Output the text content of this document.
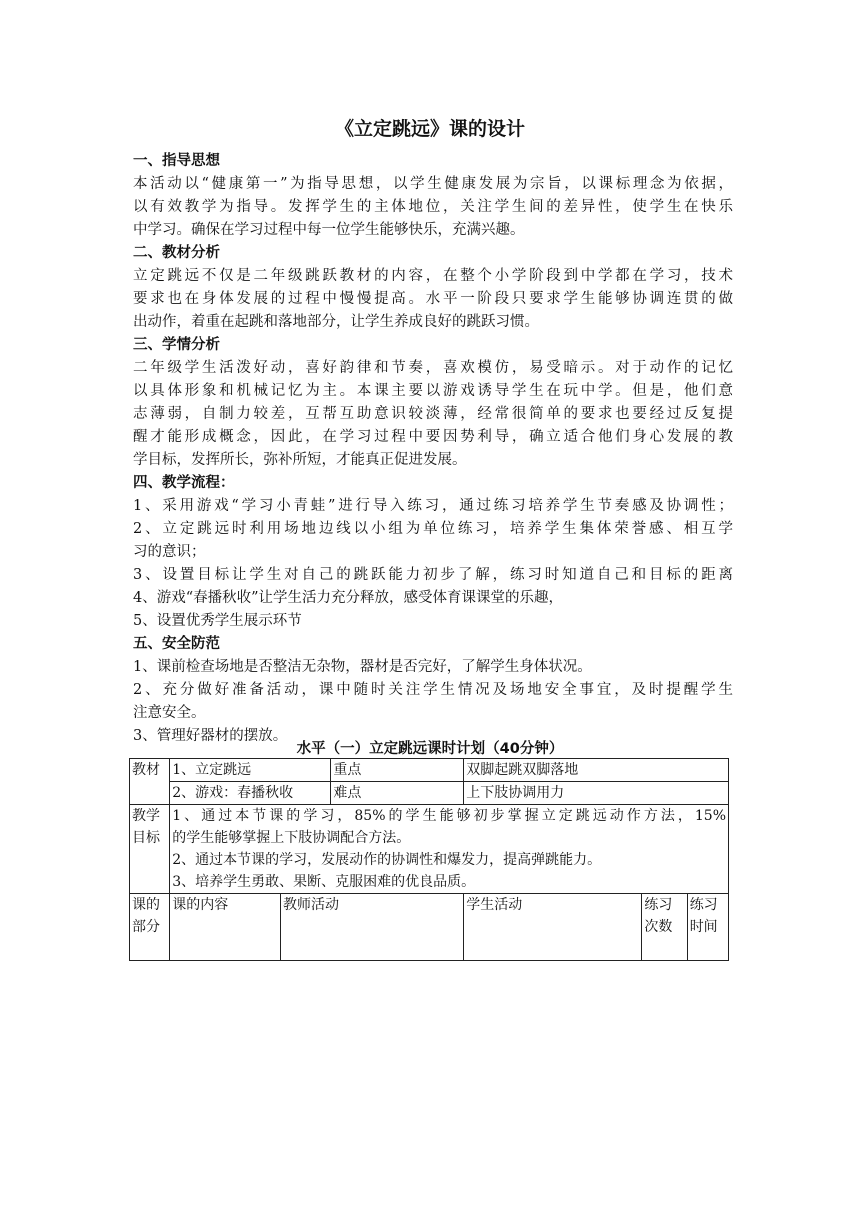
《立定跳远》课的设计
一、指导思想
本活动以“健康第一”为指导思想，以学生健康发展为宗旨，以课标理念为依据，
以有效教学为指导。发挥学生的主体地位，关注学生间的差异性，使学生在快乐
中学习。确保在学习过程中每一位学生能够快乐，充满兴趣。
二、教材分析
立定跳远不仅是二年级跳跃教材的内容，在整个小学阶段到中学都在学习，技术
要求也在身体发展的过程中慢慢提高。水平一阶段只要求学生能够协调连贯的做
出动作，着重在起跳和落地部分，让学生养成良好的跳跃习惯。
三、学情分析
二年级学生活泼好动，喜好韵律和节奏，喜欢模仿，易受暗示。对于动作的记忆
以具体形象和机械记忆为主。本课主要以游戏诱导学生在玩中学。但是，他们意
志薄弱，自制力较差，互帮互助意识较淡薄，经常很简单的要求也要经过反复提
醒才能形成概念，因此，在学习过程中要因势利导，确立适合他们身心发展的教
学目标，发挥所长，弥补所短，才能真正促进发展。
四、教学流程：
1、采用游戏“学习小青蛙”进行导入练习，通过练习培养学生节奏感及协调性；
2、立定跳远时利用场地边线以小组为单位练习，培养学生集体荣誉感、相互学
习的意识；
3、设置目标让学生对自己的跳跃能力初步了解，练习时知道自己和目标的距离
4、游戏“春播秋收”让学生活力充分释放，感受体育课课堂的乐趣，
5、设置优秀学生展示环节
五、安全防范
1、课前检查场地是否整洁无杂物，器材是否完好，了解学生身体状况。
2、充分做好准备活动，课中随时关注学生情况及场地安全事宜，及时提醒学生
注意安全。
3、管理好器材的摆放。
水平（一）立定跳远课时计划（40分钟）
教材	1、立定跳远		重点	双脚起跳双脚落地		
	2、游戏：春播秋收		难点	上下肢协调用力		
教学目标	1、通过本节课的学习，85%的学生能够初步掌握立定跳远动作方法，15%
的学生能够掌握上下肢协调配合方法。
2、通过本节课的学习，发展动作的协调性和爆发力，提高弹跳能力。
3、培养学生勇敢、果断、克服困难的优良品质。					

课的部分	课的内容	教师活动		学生活动	练习次数	练习时间
